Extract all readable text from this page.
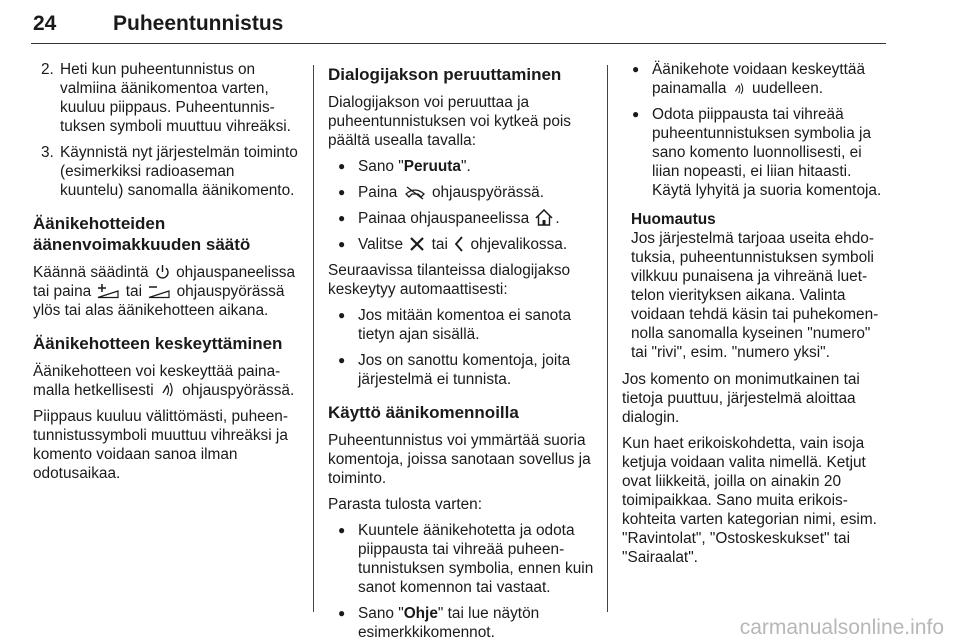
24	Puheentunnistus
2. Heti kun puheentunnistus on valmiina äänikomentoa varten, kuuluu piippaus. Puheentunnistuksen symboli muuttuu vihreäksi.
3. Käynnistä nyt järjestelmän toiminto (esimerkiksi radioaseman kuuntelu) sanomalla äänikomento.
Äänikehotteiden
äänenvoimakkuuden säätö

Käännä säädintä ohjauspaneelissa tai paina tai ohjauspyörässä ylös tai alas äänikehotteen aikana.

Äänikehotteen keskeyttäminen

Äänikehotteen voi keskeyttää painamalla hetkellisesti ohjauspyörässä.

Piippaus kuuluu välittömästi, puheentunnistussymboli muuttuu vihreäksi ja komento voidaan sanoa ilman odotusaikaa.

Dialogijakson peruuttaminen

Dialogijakson voi peruuttaa ja puheentunnistuksen voi kytkeä pois päältä usealla tavalla:

● Sano "Peruuta".
● Paina ohjauspyörässä.
● Painaa ohjauspaneelissa .
● Valitse tai ohjevalikossa.

Seuraavissa tilanteissa dialogijakso keskeytyy automaattisesti:

● Jos mitään komentoa ei sanota tietyn ajan sisällä.
● Jos on sanottu komentoja, joita järjestelmä ei tunnista.
Käyttö äänikomennoilla

Puheentunnistus voi ymmärtää suoria komentoja, joissa sanotaan sovellus ja toiminto.

Parasta tulosta varten:

● Kuuntele äänikehotetta ja odota piippausta tai vihreää puheentunnistuksen symbolia, ennen kuin sanot komennon tai vastaat.
● Sano "Ohje" tai lue näytön esimerkkikomennot.
● Äänikehote voidaan keskeyttää painamalla uudelleen.
● Odota piippausta tai vihreää puheentunnistuksen symbolia ja sano komento luonnollisesti, ei liian nopeasti, ei liian hitaasti. Käytä lyhyitä ja suoria komentoja.
Huomautus
Jos järjestelmä tarjoaa useita ehdotuksia, puheentunnistuksen symboli vilkkuu punaisena ja vihreänä luettelon vierityksen aikana. Valinta voidaan tehdä käsin tai puhekomennolla sanomalla kyseinen "numero" tai "rivi", esim. "numero yksi".

Jos komento on monimutkainen tai tietoja puuttuu, järjestelmä aloittaa dialogin.

Kun haet erikoiskohdetta, vain isoja ketjuja voidaan valita nimellä. Ketjut ovat liikkeitä, joilla on ainakin 20 toimipaikkaa. Sano muita erikoiskohteita varten kategorian nimi, esim. "Ravintolat", "Ostoskeskukset" tai "Sairaalat".

carmanualsonline.info
